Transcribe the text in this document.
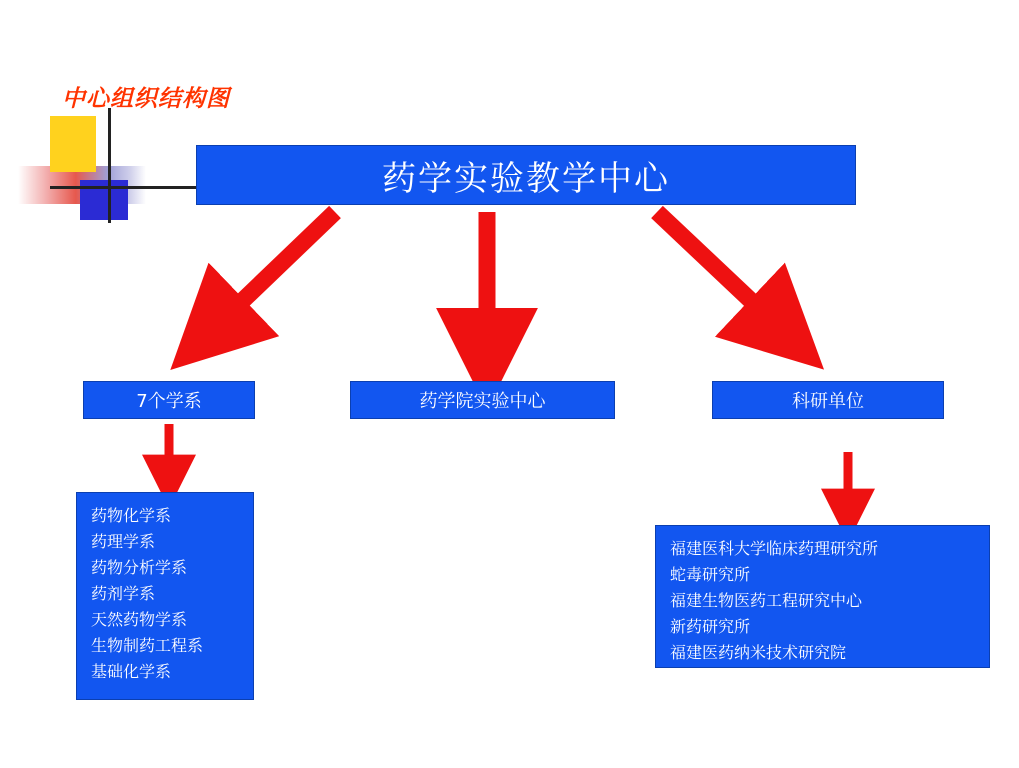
中心组织结构图
药学实验教学中心
7个学系	药学院实验中心	科研单位
药物化学系
药理学系
药物分析学系
药剂学系
天然药物学系
生物制药工程系
基础化学系
福建医科大学临床药理研究所
蛇毒研究所
福建生物医药工程研究中心
新药研究所
福建医药纳米技术研究院
